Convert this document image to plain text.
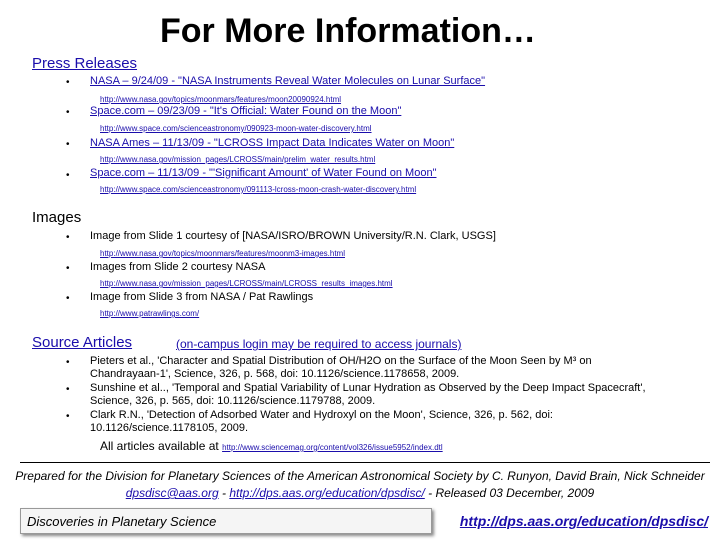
For More Information…
Press Releases
• NASA – 9/24/09 - "NASA Instruments Reveal Water Molecules on Lunar Surface"
http://www.nasa.gov/topics/moonmars/features/moon20090924.html
• Space.com – 09/23/09 - "It's Official: Water Found on the Moon"
http://www.space.com/scienceastronomy/090923-moon-water-discovery.html
• NASA Ames – 11/13/09 - "LCROSS Impact Data Indicates Water on Moon"
http://www.nasa.gov/mission_pages/LCROSS/main/prelim_water_results.html
• Space.com – 11/13/09 - "'Significant Amount' of Water Found on Moon"
http://www.space.com/scienceastronomy/091113-lcross-moon-crash-water-discovery.html
Images
• Image from Slide 1 courtesy of [NASA/ISRO/BROWN University/R.N. Clark, USGS]
http://www.nasa.gov/topics/moonmars/features/moonm3-images.html
• Images from Slide 2 courtesy NASA
http://www.nasa.gov/mission_pages/LCROSS/main/LCROSS_results_images.html
• Image from Slide 3 from NASA / Pat Rawlings
http://www.patrawlings.com/
Source Articles	(on-campus login may be required to access journals)
• Pieters et al., 'Character and Spatial Distribution of OH/H2O on the Surface of the Moon Seen by M³ on Chandrayaan-1', Science, 326, p. 568, doi: 10.1126/science.1178658, 2009.
• Sunshine et al.., 'Temporal and Spatial Variability of Lunar Hydration as Observed by the Deep Impact Spacecraft', Science, 326, p. 565, doi: 10.1126/science.1179788, 2009.
• Clark R.N., 'Detection of Adsorbed Water and Hydroxyl on the Moon', Science, 326, p. 562, doi: 10.1126/science.1178105, 2009.
All articles available at http://www.sciencemag.org/content/vol326/issue5952/index.dtl
Prepared for the Division for Planetary Sciences of the American Astronomical Society by C. Runyon, David Brain, Nick Schneider
dpsdisc@aas.org - http://dps.aas.org/education/dpsdisc/ - Released 03 December, 2009
Discoveries in Planetary Science	http://dps.aas.org/education/dpsdisc/
